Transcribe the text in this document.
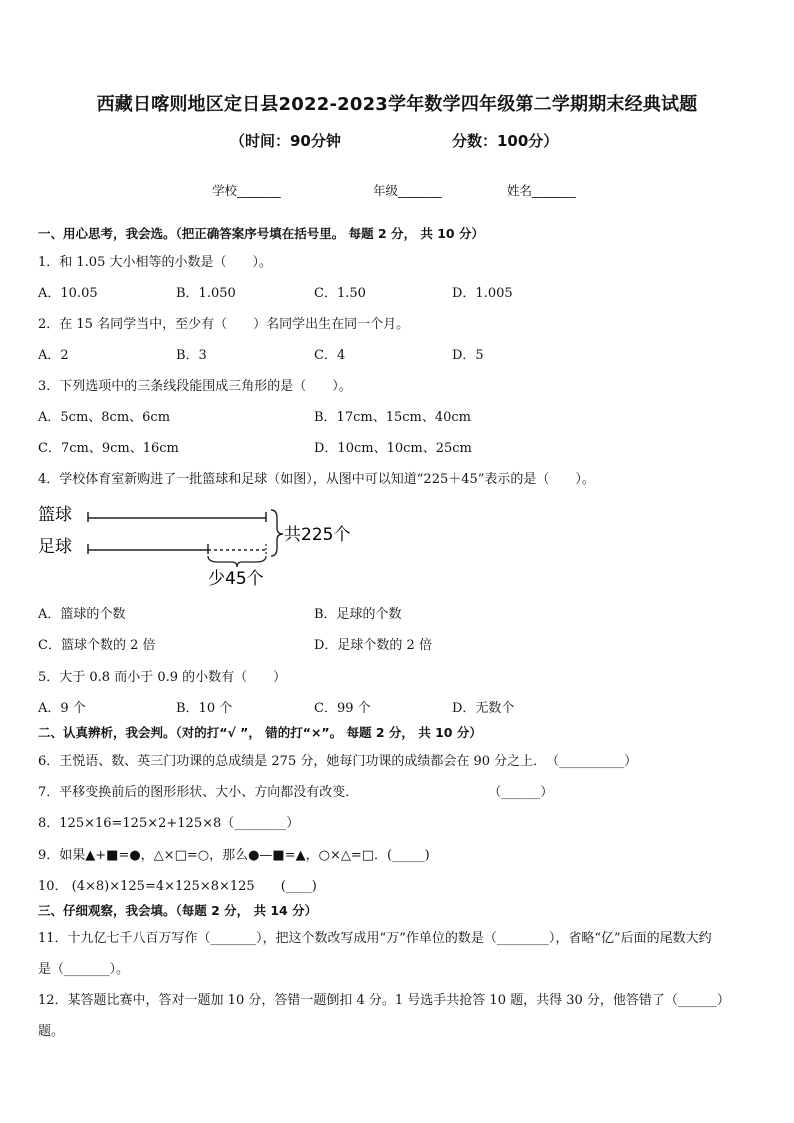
西藏日喀则地区定日县2022-2023学年数学四年级第二学期期末经典试题
（时间：90分钟	分数：100分）
学校_______	年级_______	姓名_______
一、用心思考，我会选。（把正确答案序号填在括号里。 每题 2 分， 共 10 分）
1．和 1.05 大小相等的小数是（　　）。
A．10.05	B．1.050	C．1.50	D．1.005
2．在 15 名同学当中，至少有（　　）名同学出生在同一个月。
A．2	B．3	C．4	D．5
3．下列选项中的三条线段能围成三角形的是（　　）。
A．5cm、8cm、6cm	B．17cm、15cm、40cm
C．7cm、9cm、16cm	D．10cm、10cm、25cm
4．学校体育室新购进了一批篮球和足球（如图），从图中可以知道“225＋45”表示的是（　　）。
篮球
足球
共225个
少45个
A．篮球的个数	B．足球的个数
C．篮球个数的 2 倍	D．足球个数的 2 倍
5．大于 0.8 而小于 0.9 的小数有（　　）
A．9 个	B．10 个	C．99 个	D．无数个
二、认真辨析，我会判。（对的打“√ ”， 错的打“×”。 每题 2 分， 共 10 分）
6．王悦语、数、英三门功课的总成绩是 275 分，她每门功课的成绩都会在 90 分之上．　（__________）
7．平移变换前后的图形形状、大小、方向都没有改变．　　　　　　　　　　　（______）
8．125×16=125×2+125×8（________）
9．如果▲+■=●，△×□=○，那么●—■=▲，○×△=□．(_____)
10． (4×8)×125=4×125×8×125　　(____)
三、仔细观察，我会填。（每题 2 分， 共 14 分）
11．十九亿七千八百万写作（_______），把这个数改写成用“万”作单位的数是（________），省略“亿”后面的尾数大约
是（_______）。
12．某答题比赛中，答对一题加 10 分，答错一题倒扣 4 分。1 号选手共抢答 10 题，共得 30 分，他答错了（______）
题。
